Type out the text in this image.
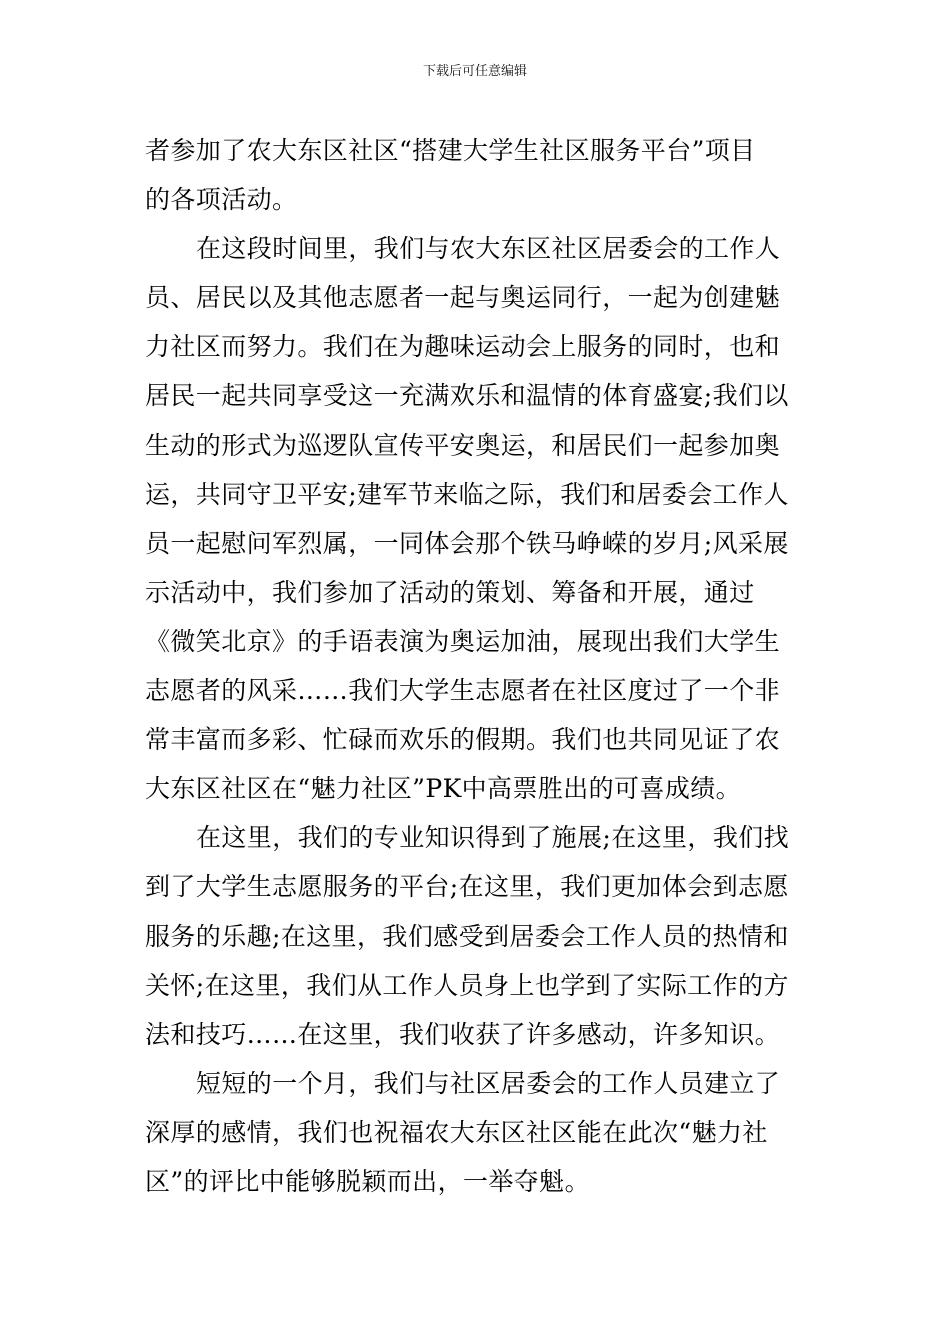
下载后可任意编辑
者参加了农大东区社区“搭建大学生社区服务平台”项目
的各项活动。
在这段时间里，我们与农大东区社区居委会的工作人
员、居民以及其他志愿者一起与奥运同行，一起为创建魅
力社区而努力。我们在为趣味运动会上服务的同时，也和
居民一起共同享受这一充满欢乐和温情的体育盛宴;我们以
生动的形式为巡逻队宣传平安奥运，和居民们一起参加奥
运，共同守卫平安;建军节来临之际，我们和居委会工作人
员一起慰问军烈属，一同体会那个铁马峥嵘的岁月;风采展
示活动中，我们参加了活动的策划、筹备和开展，通过
《微笑北京》的手语表演为奥运加油，展现出我们大学生
志愿者的风采……我们大学生志愿者在社区度过了一个非
常丰富而多彩、忙碌而欢乐的假期。我们也共同见证了农
大东区社区在“魅力社区”PK中高票胜出的可喜成绩。
在这里，我们的专业知识得到了施展;在这里，我们找
到了大学生志愿服务的平台;在这里，我们更加体会到志愿
服务的乐趣;在这里，我们感受到居委会工作人员的热情和
关怀;在这里，我们从工作人员身上也学到了实际工作的方
法和技巧……在这里，我们收获了许多感动，许多知识。
短短的一个月，我们与社区居委会的工作人员建立了
深厚的感情，我们也祝福农大东区社区能在此次“魅力社
区”的评比中能够脱颖而出，一举夺魁。
